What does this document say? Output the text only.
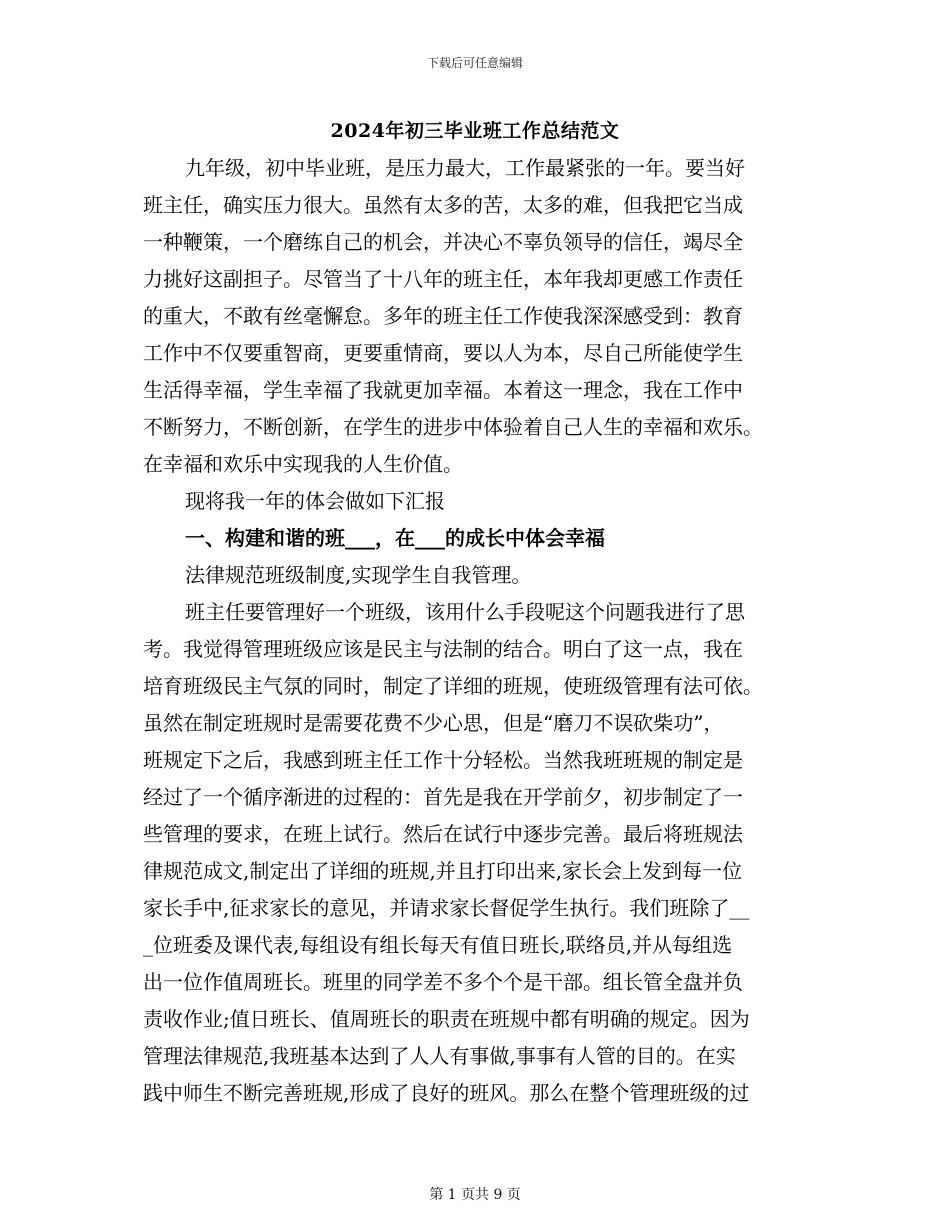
下载后可任意编辑
2024年初三毕业班工作总结范文
九年级，初中毕业班，是压力最大，工作最紧张的一年。要当好
班主任，确实压力很大。虽然有太多的苦，太多的难，但我把它当成
一种鞭策，一个磨练自己的机会，并决心不辜负领导的信任，竭尽全
力挑好这副担子。尽管当了十八年的班主任，本年我却更感工作责任
的重大，不敢有丝毫懈怠。多年的班主任工作使我深深感受到：教育
工作中不仅要重智商，更要重情商，要以人为本，尽自己所能使学生
生活得幸福，学生幸福了我就更加幸福。本着这一理念，我在工作中
不断努力，不断创新，在学生的进步中体验着自己人生的幸福和欢乐。
在幸福和欢乐中实现我的人生价值。
现将我一年的体会做如下汇报
一、构建和谐的班___，在___的成长中体会幸福
法律规范班级制度,实现学生自我管理。
班主任要管理好一个班级，该用什么手段呢这个问题我进行了思
考。我觉得管理班级应该是民主与法制的结合。明白了这一点，我在
培育班级民主气氛的同时，制定了详细的班规，使班级管理有法可依。
虽然在制定班规时是需要花费不少心思，但是“磨刀不误砍柴功”，
班规定下之后，我感到班主任工作十分轻松。当然我班班规的制定是
经过了一个循序渐进的过程的：首先是我在开学前夕，初步制定了一
些管理的要求，在班上试行。然后在试行中逐步完善。最后将班规法
律规范成文,制定出了详细的班规,并且打印出来,家长会上发到每一位
家长手中,征求家长的意见，并请求家长督促学生执行。我们班除了__
_位班委及课代表,每组设有组长每天有值日班长,联络员,并从每组选
出一位作值周班长。班里的同学差不多个个是干部。组长管全盘并负
责收作业;值日班长、值周班长的职责在班规中都有明确的规定。因为
管理法律规范,我班基本达到了人人有事做,事事有人管的目的。在实
践中师生不断完善班规,形成了良好的班风。那么在整个管理班级的过
第 1 页共 9 页
